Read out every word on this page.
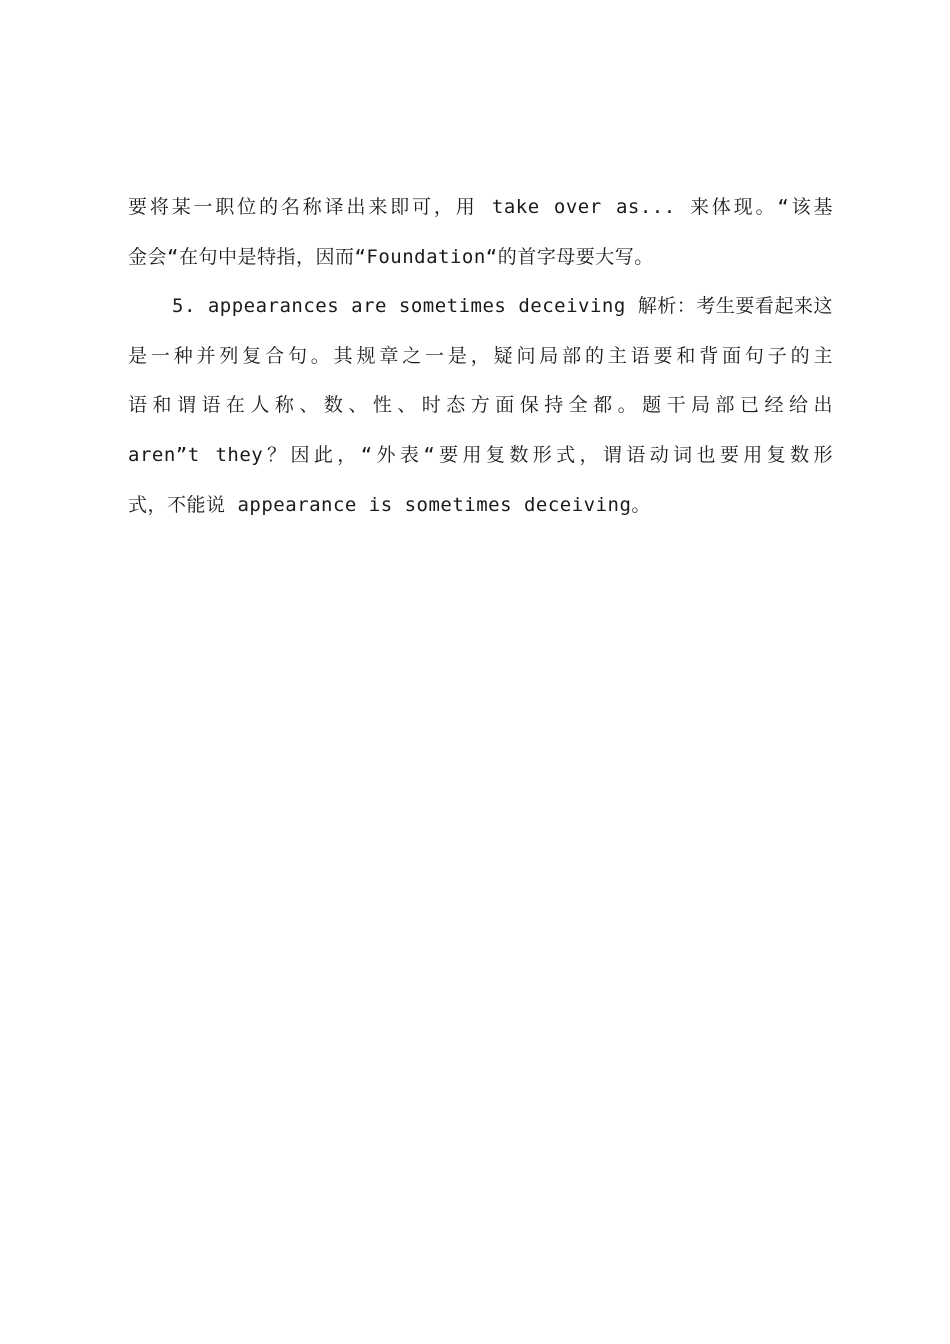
要将某一职位的名称译出来即可，用 take over as... 来体现。“该基
金会“在句中是特指，因而“Foundation“的首字母要大写。

5. appearances are sometimes deceiving 解析：考生要看起来这
是一种并列复合句。其规章之一是，疑问局部的主语要和背面句子的主
语和谓语在人称、数、性、时态方面保持全都。题干局部已经给出
aren”t they？因此，“外表“要用复数形式，谓语动词也要用复数形
式，不能说 appearance is sometimes deceiving。
